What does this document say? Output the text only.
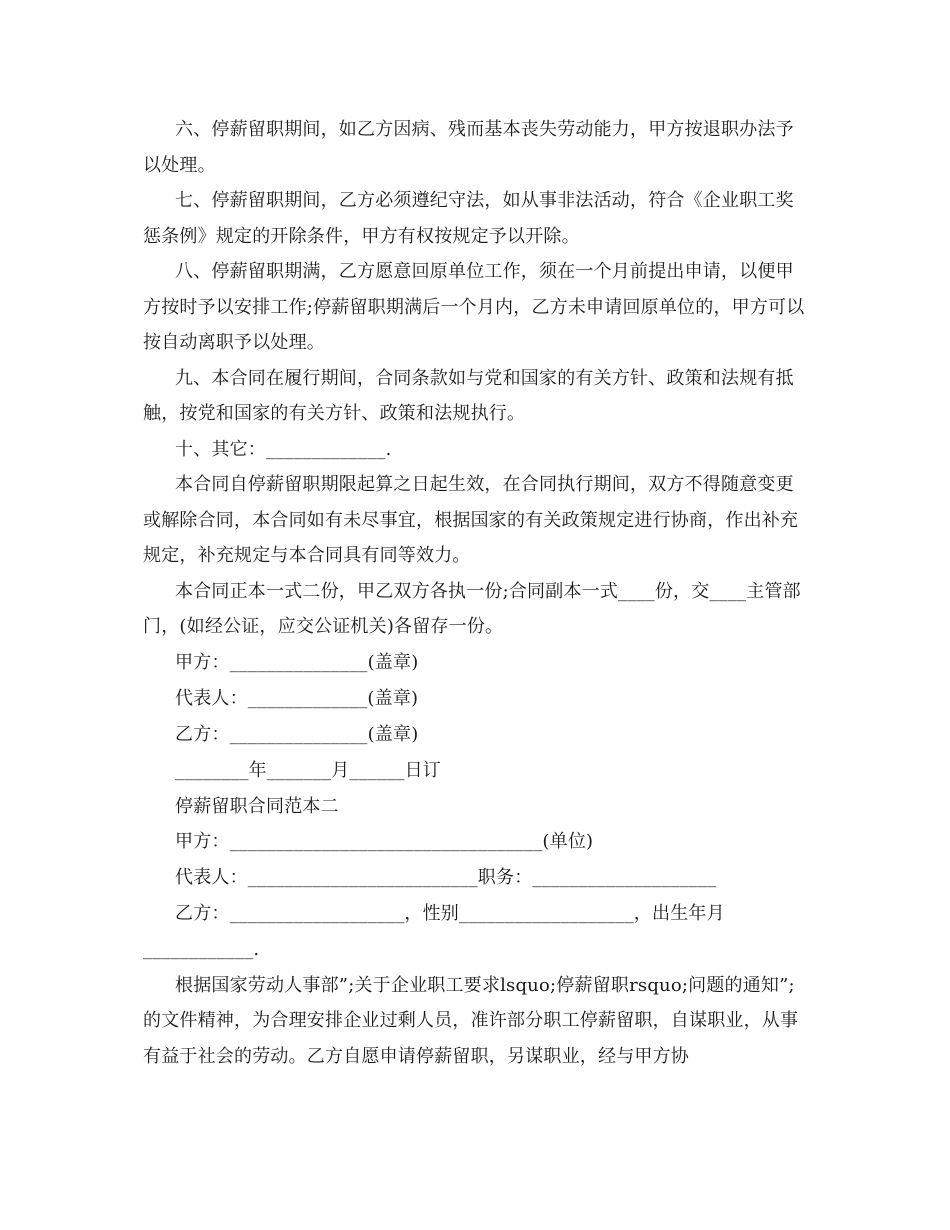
六、停薪留职期间，如乙方因病、残而基本丧失劳动能力，甲方按退职办法予以处理。

七、停薪留职期间，乙方必须遵纪守法，如从事非法活动，符合《企业职工奖惩条例》规定的开除条件，甲方有权按规定予以开除。

八、停薪留职期满，乙方愿意回原单位工作，须在一个月前提出申请，以便甲方按时予以安排工作;停薪留职期满后一个月内，乙方未申请回原单位的，甲方可以按自动离职予以处理。

九、本合同在履行期间，合同条款如与党和国家的有关方针、政策和法规有抵触，按党和国家的有关方针、政策和法规执行。

十、其它：_____________.

本合同自停薪留职期限起算之日起生效，在合同执行期间，双方不得随意变更或解除合同，本合同如有未尽事宜，根据国家的有关政策规定进行协商，作出补充规定，补充规定与本合同具有同等效力。

本合同正本一式二份，甲乙双方各执一份;合同副本一式____份，交____主管部门，(如经公证，应交公证机关)各留存一份。

甲方：_______________(盖章)

代表人：_____________(盖章)

乙方：_______________(盖章)

________年_______月______日订

停薪留职合同范本二

甲方：__________________________________(单位)

代表人：_________________________职务：____________________

乙方：___________________，性别___________________，出生年月

____________.

根据国家劳动人事部”;关于企业职工要求lsquo;停薪留职rsquo;问题的通知”;的文件精神，为合理安排企业过剩人员，准许部分职工停薪留职，自谋职业，从事有益于社会的劳动。乙方自愿申请停薪留职，另谋职业，经与甲方协
